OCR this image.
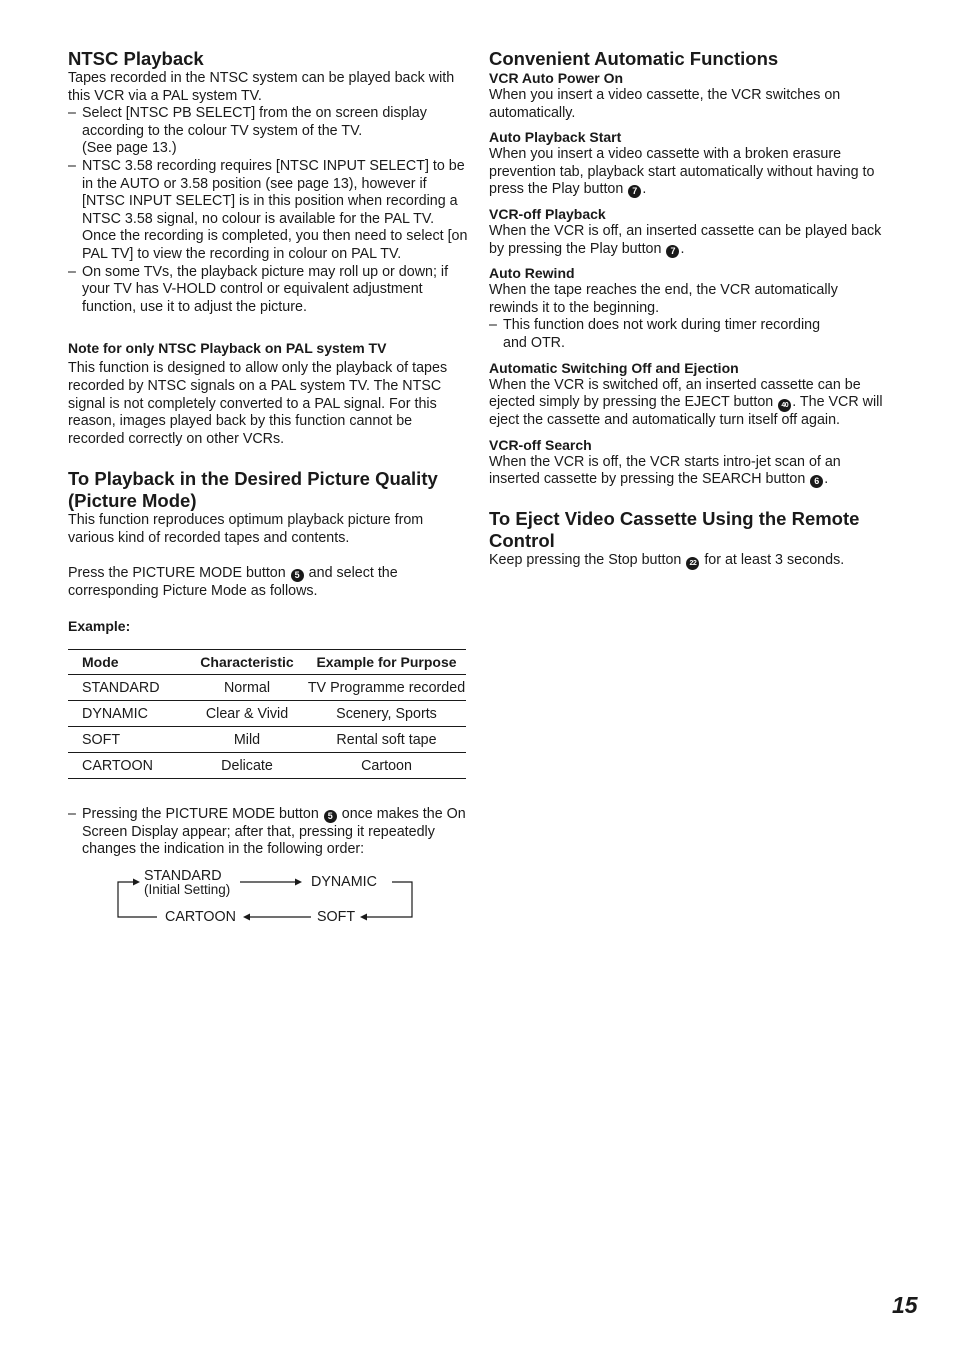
NTSC Playback

Tapes recorded in the NTSC system can be played back with this VCR via a PAL system TV.

– Select [NTSC PB SELECT] from the on screen display according to the colour TV system of the TV.
(See page 13.)
– NTSC 3.58 recording requires [NTSC INPUT SELECT] to be in the AUTO or 3.58 position (see page 13), however if [NTSC INPUT SELECT] is in this position when recording a NTSC 3.58 signal, no colour is available for the PAL TV. Once the recording is completed, you then need to select [on PAL TV] to view the recording in colour on PAL TV.
– On some TVs, the playback picture may roll up or down; if your TV has V-HOLD control or equivalent adjustment function, use it to adjust the picture.
Note for only NTSC Playback on PAL system TV

This function is designed to allow only the playback of tapes recorded by NTSC signals on a PAL system TV. The NTSC signal is not completely converted to a PAL signal. For this reason, images played back by this function cannot be recorded correctly on other VCRs.

To Playback in the Desired Picture Quality
(Picture Mode)

This function reproduces optimum playback picture from various kind of recorded tapes and contents.

Press the PICTURE MODE button 5 and select the corresponding Picture Mode as follows.

Example:
Mode	Characteristic	Example for Purpose
STANDARD	Normal	TV Programme recorded
DYNAMIC	Clear & Vivid	Scenery, Sports
SOFT	Mild	Rental soft tape
CARTOON	Delicate	Cartoon
– Pressing the PICTURE MODE button 5 once makes the On Screen Display appear; after that, pressing it repeatedly changes the indication in the following order:
STANDARD
(Initial Setting)	DYNAMIC
SOFT
CARTOON
Convenient Automatic Functions
VCR Auto Power On

When you insert a video cassette, the VCR switches on automatically.

Auto Playback Start

When you insert a video cassette with a broken erasure prevention tab, playback start automatically without having to press the Play button 7 .

VCR-off Playback

When the VCR is off, an inserted cassette can be played back by pressing the Play button 7 .

Auto Rewind

When the tape reaches the end, the VCR automatically rewinds it to the beginning.

– This function does not work during timer recording and OTR.
Automatic Switching Off and Ejection

When the VCR is switched off, an inserted cassette can be ejected simply by pressing the EJECT button 40 . The VCR will eject the cassette and automatically turn itself off again.

VCR-off Search

When the VCR is off, the VCR starts intro-jet scan of an inserted cassette by pressing the SEARCH button 6 .

To Eject Video Cassette Using the Remote
Control

Keep pressing the Stop button 22 for at least 3 seconds.

15
